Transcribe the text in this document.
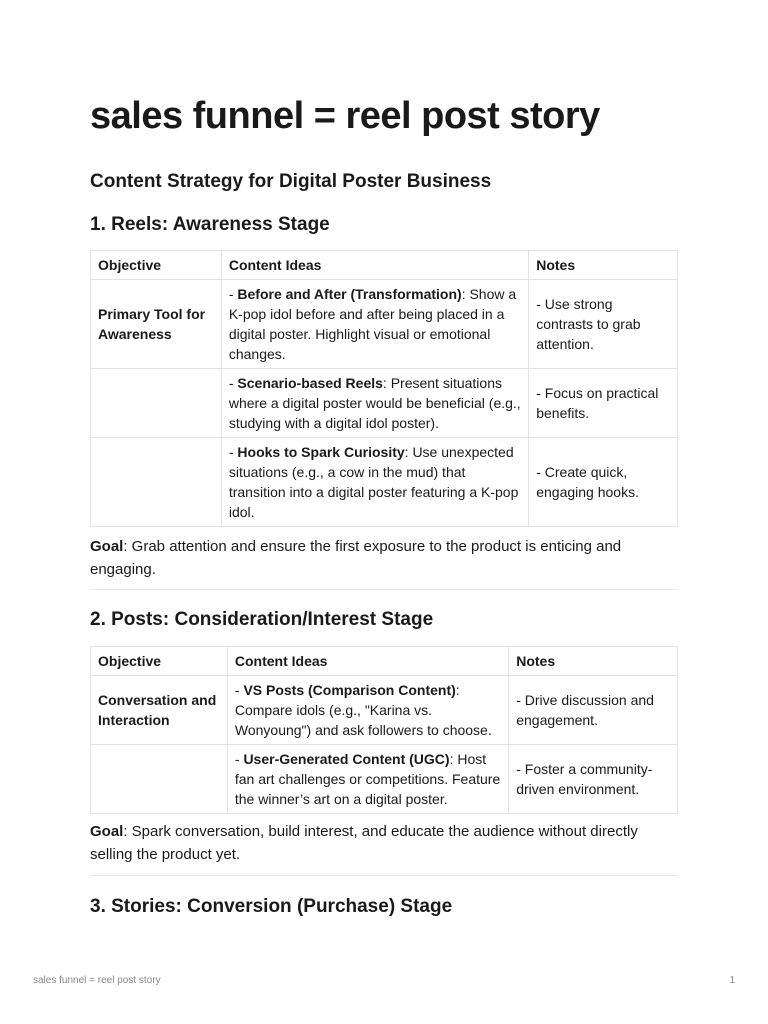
sales funnel = reel post story
Content Strategy for Digital Poster Business
1. Reels: Awareness Stage
Objective	Content Ideas	Notes
Primary Tool for Awareness	- Before and After (Transformation): Show a K-pop idol before and after being placed in a digital poster. Highlight visual or emotional changes.	- Use strong contrasts to grab attention.
	- Scenario-based Reels: Present situations where a digital poster would be beneficial (e.g., studying with a digital idol poster).	- Focus on practical benefits.
	- Hooks to Spark Curiosity: Use unexpected situations (e.g., a cow in the mud) that transition into a digital poster featuring a K-pop idol.	- Create quick, engaging hooks.

Goal: Grab attention and ensure the first exposure to the product is enticing and engaging.

2. Posts: Consideration/Interest Stage
Objective	Content Ideas	Notes
Conversation and Interaction	- VS Posts (Comparison Content): Compare idols (e.g., "Karina vs. Wonyoung") and ask followers to choose.	- Drive discussion and engagement.
	- User-Generated Content (UGC): Host fan art challenges or competitions. Feature the winner’s art on a digital poster.	- Foster a community-driven environment.

Goal: Spark conversation, build interest, and educate the audience without directly selling the product yet.

3. Stories: Conversion (Purchase) Stage
sales funnel = reel post story	1
